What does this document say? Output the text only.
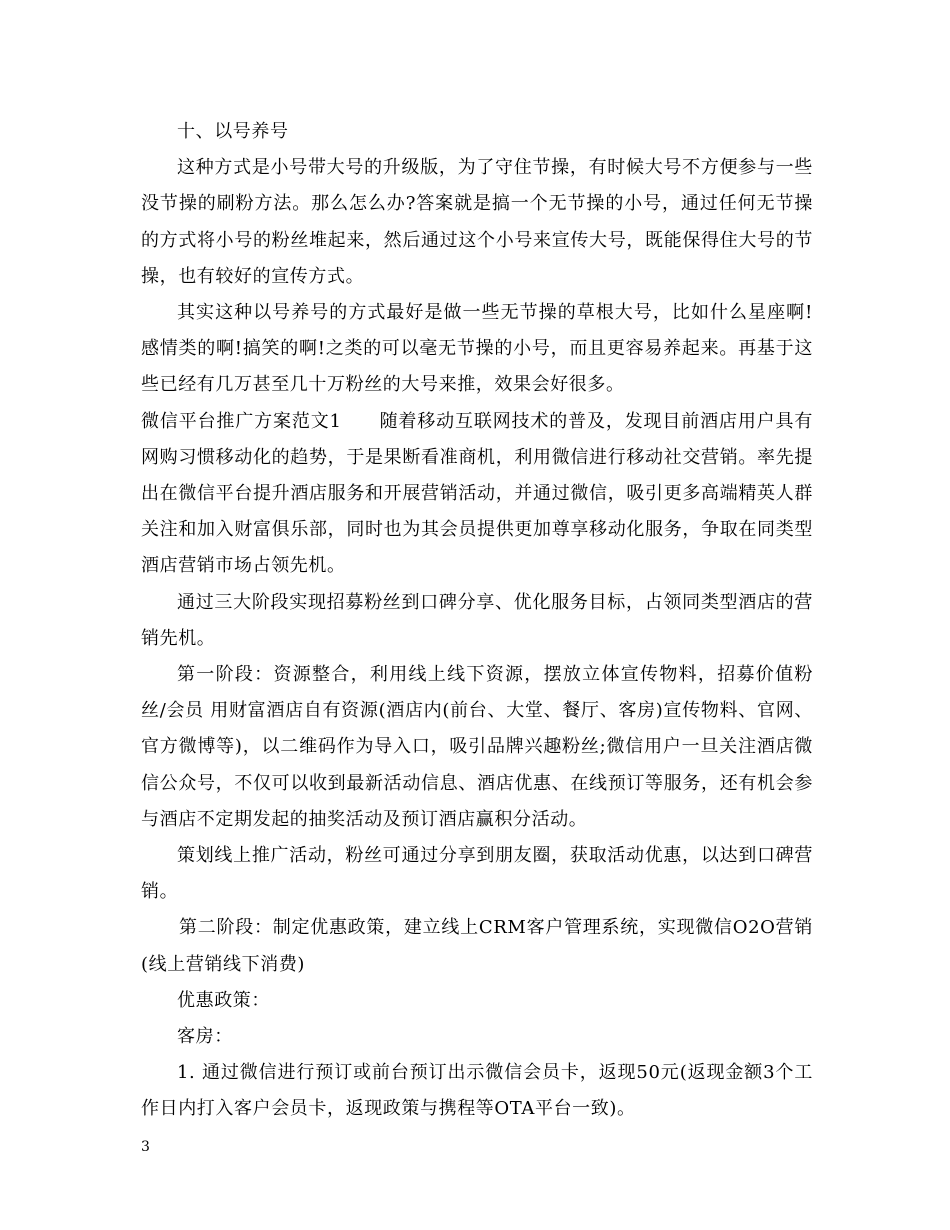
十、以号养号

这种方式是小号带大号的升级版，为了守住节操，有时候大号不方便参与一些没节操的刷粉方法。那么怎么办?答案就是搞一个无节操的小号，通过任何无节操的方式将小号的粉丝堆起来，然后通过这个小号来宣传大号，既能保得住大号的节操，也有较好的宣传方式。

其实这种以号养号的方式最好是做一些无节操的草根大号，比如什么星座啊!感情类的啊!搞笑的啊!之类的可以毫无节操的小号，而且更容易养起来。再基于这些已经有几万甚至几十万粉丝的大号来推，效果会好很多。

微信平台推广方案范文1　　随着移动互联网技术的普及，发现目前酒店用户具有网购习惯移动化的趋势，于是果断看准商机，利用微信进行移动社交营销。率先提出在微信平台提升酒店服务和开展营销活动，并通过微信，吸引更多高端精英人群关注和加入财富俱乐部，同时也为其会员提供更加尊享移动化服务，争取在同类型酒店营销市场占领先机。

通过三大阶段实现招募粉丝到口碑分享、优化服务目标，占领同类型酒店的营销先机。

第一阶段：资源整合，利用线上线下资源，摆放立体宣传物料，招募价值粉丝/会员 用财富酒店自有资源(酒店内(前台、大堂、餐厅、客房)宣传物料、官网、官方微博等)，以二维码作为导入口，吸引品牌兴趣粉丝;微信用户一旦关注酒店微信公众号，不仅可以收到最新活动信息、酒店优惠、在线预订等服务，还有机会参与酒店不定期发起的抽奖活动及预订酒店赢积分活动。

策划线上推广活动，粉丝可通过分享到朋友圈，获取活动优惠，以达到口碑营销。

第二阶段：制定优惠政策，建立线上CRM客户管理系统，实现微信O2O营销(线上营销线下消费)

优惠政策：

客房：

1. 通过微信进行预订或前台预订出示微信会员卡，返现50元(返现金额3个工作日内打入客户会员卡，返现政策与携程等OTA平台一致)。

3
